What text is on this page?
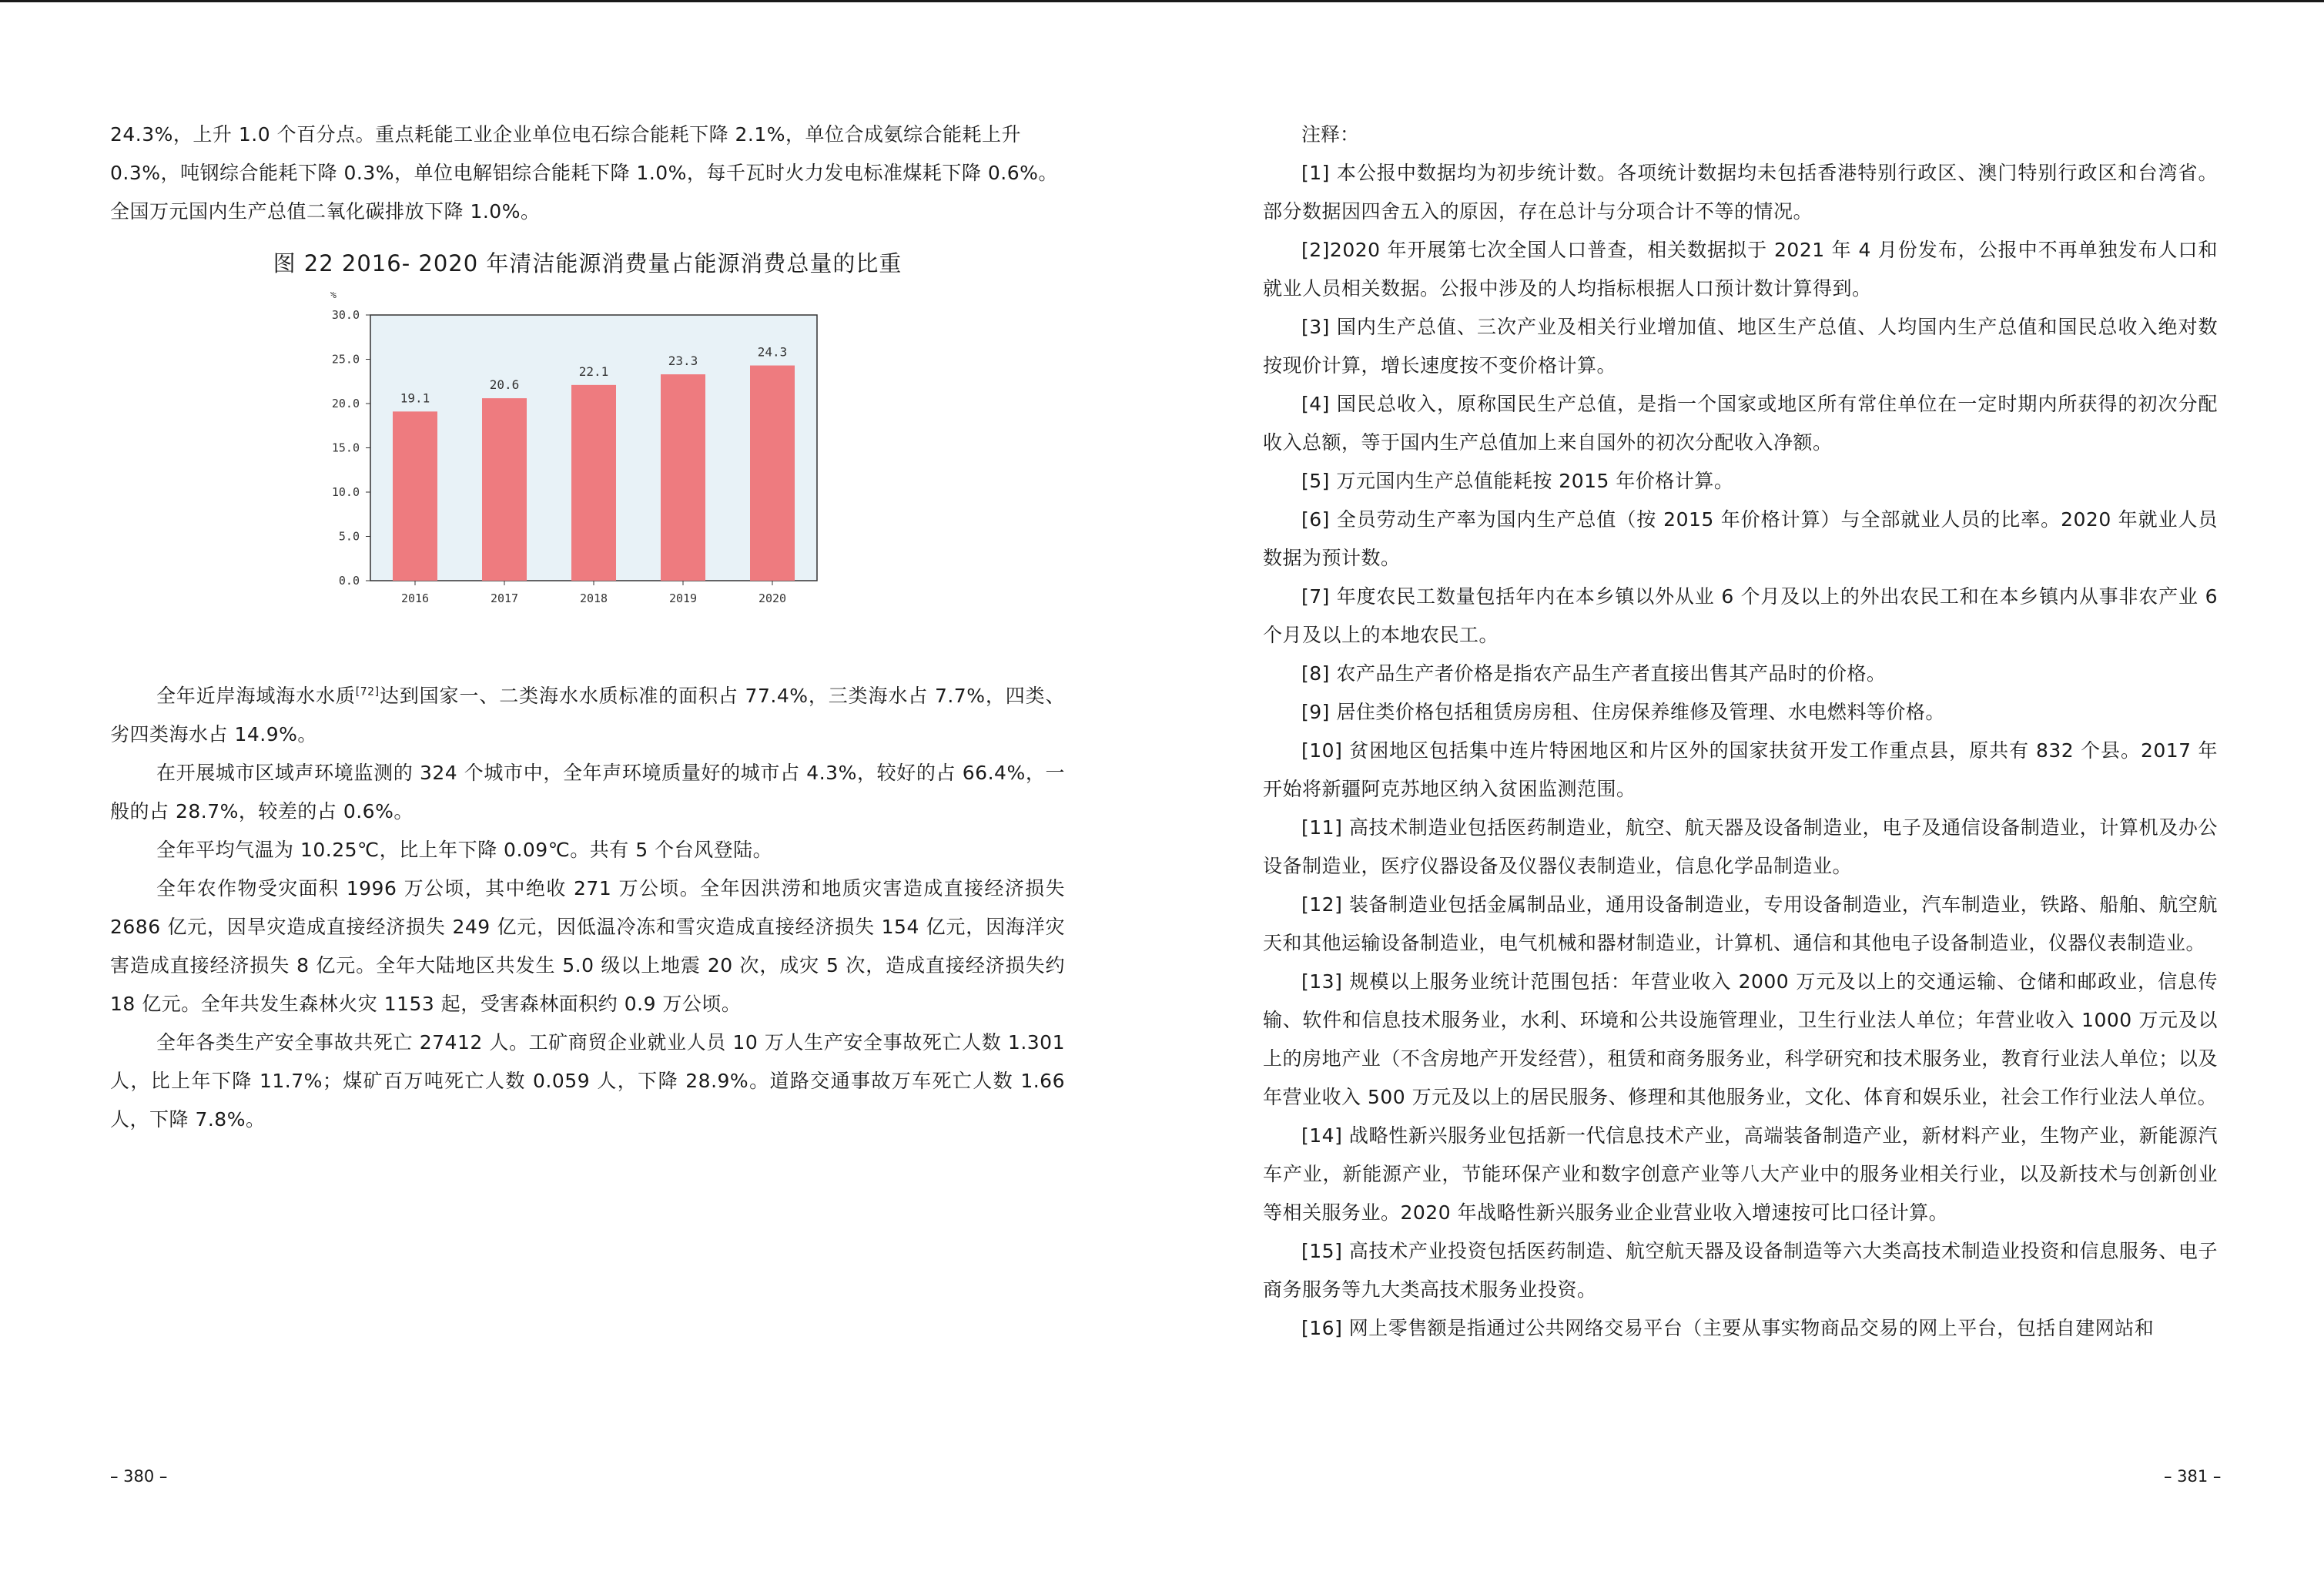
24.3%，上升 1.0 个百分点。重点耗能工业企业单位电石综合能耗下降 2.1%，单位合成氨综合能耗上升

0.3%，吨钢综合能耗下降 0.3%，单位电解铝综合能耗下降 1.0%，每千瓦时火力发电标准煤耗下降 0.6%。

全国万元国内生产总值二氧化碳排放下降 1.0%。

图 22 2016- 2020 年清洁能源消费量占能源消费总量的比重
%
0.0
5.0
10.0
15.0
20.0
25.0
30.0
19.1
2016
20.6
2017
22.1
2018
23.3
2019
24.3
2020

全年近岸海域海水水质[72]达到国家一、二类海水水质标准的面积占 77.4%，三类海水占 7.7%，四类、劣四类海水占 14.9%。

在开展城市区域声环境监测的 324 个城市中，全年声环境质量好的城市占 4.3%，较好的占 66.4%，一般的占 28.7%，较差的占 0.6%。

全年平均气温为 10.25℃，比上年下降 0.09℃。共有 5 个台风登陆。

全年农作物受灾面积 1996 万公顷，其中绝收 271 万公顷。全年因洪涝和地质灾害造成直接经济损失 2686 亿元，因旱灾造成直接经济损失 249 亿元，因低温冷冻和雪灾造成直接经济损失 154 亿元，因海洋灾害造成直接经济损失 8 亿元。全年大陆地区共发生 5.0 级以上地震 20 次，成灾 5 次，造成直接经济损失约 18 亿元。全年共发生森林火灾 1153 起，受害森林面积约 0.9 万公顷。

全年各类生产安全事故共死亡 27412 人。工矿商贸企业就业人员 10 万人生产安全事故死亡人数 1.301 人，比上年下降 11.7%；煤矿百万吨死亡人数 0.059 人，下降 28.9%。道路交通事故万车死亡人数 1.66 人，下降 7.8%。

– 380 –

注释：

[1] 本公报中数据均为初步统计数。各项统计数据均未包括香港特别行政区、澳门特别行政区和台湾省。部分数据因四舍五入的原因，存在总计与分项合计不等的情况。

[2]2020 年开展第七次全国人口普查，相关数据拟于 2021 年 4 月份发布，公报中不再单独发布人口和就业人员相关数据。公报中涉及的人均指标根据人口预计数计算得到。

[3] 国内生产总值、三次产业及相关行业增加值、地区生产总值、人均国内生产总值和国民总收入绝对数按现价计算，增长速度按不变价格计算。

[4] 国民总收入，原称国民生产总值，是指一个国家或地区所有常住单位在一定时期内所获得的初次分配收入总额，等于国内生产总值加上来自国外的初次分配收入净额。

[5] 万元国内生产总值能耗按 2015 年价格计算。

[6] 全员劳动生产率为国内生产总值（按 2015 年价格计算）与全部就业人员的比率。2020 年就业人员数据为预计数。

[7] 年度农民工数量包括年内在本乡镇以外从业 6 个月及以上的外出农民工和在本乡镇内从事非农产业 6 个月及以上的本地农民工。

[8] 农产品生产者价格是指农产品生产者直接出售其产品时的价格。

[9] 居住类价格包括租赁房房租、住房保养维修及管理、水电燃料等价格。

[10] 贫困地区包括集中连片特困地区和片区外的国家扶贫开发工作重点县，原共有 832 个县。2017 年开始将新疆阿克苏地区纳入贫困监测范围。

[11] 高技术制造业包括医药制造业，航空、航天器及设备制造业，电子及通信设备制造业，计算机及办公设备制造业，医疗仪器设备及仪器仪表制造业，信息化学品制造业。

[12] 装备制造业包括金属制品业，通用设备制造业，专用设备制造业，汽车制造业，铁路、船舶、航空航天和其他运输设备制造业，电气机械和器材制造业，计算机、通信和其他电子设备制造业，仪器仪表制造业。

[13] 规模以上服务业统计范围包括：年营业收入 2000 万元及以上的交通运输、仓储和邮政业，信息传输、软件和信息技术服务业，水利、环境和公共设施管理业，卫生行业法人单位；年营业收入 1000 万元及以上的房地产业（不含房地产开发经营），租赁和商务服务业，科学研究和技术服务业，教育行业法人单位；以及年营业收入 500 万元及以上的居民服务、修理和其他服务业，文化、体育和娱乐业，社会工作行业法人单位。

[14] 战略性新兴服务业包括新一代信息技术产业，高端装备制造产业，新材料产业，生物产业，新能源汽车产业，新能源产业，节能环保产业和数字创意产业等八大产业中的服务业相关行业，以及新技术与创新创业等相关服务业。2020 年战略性新兴服务业企业营业收入增速按可比口径计算。

[15] 高技术产业投资包括医药制造、航空航天器及设备制造等六大类高技术制造业投资和信息服务、电子商务服务等九大类高技术服务业投资。

[16] 网上零售额是指通过公共网络交易平台（主要从事实物商品交易的网上平台，包括自建网站和

– 381 –
